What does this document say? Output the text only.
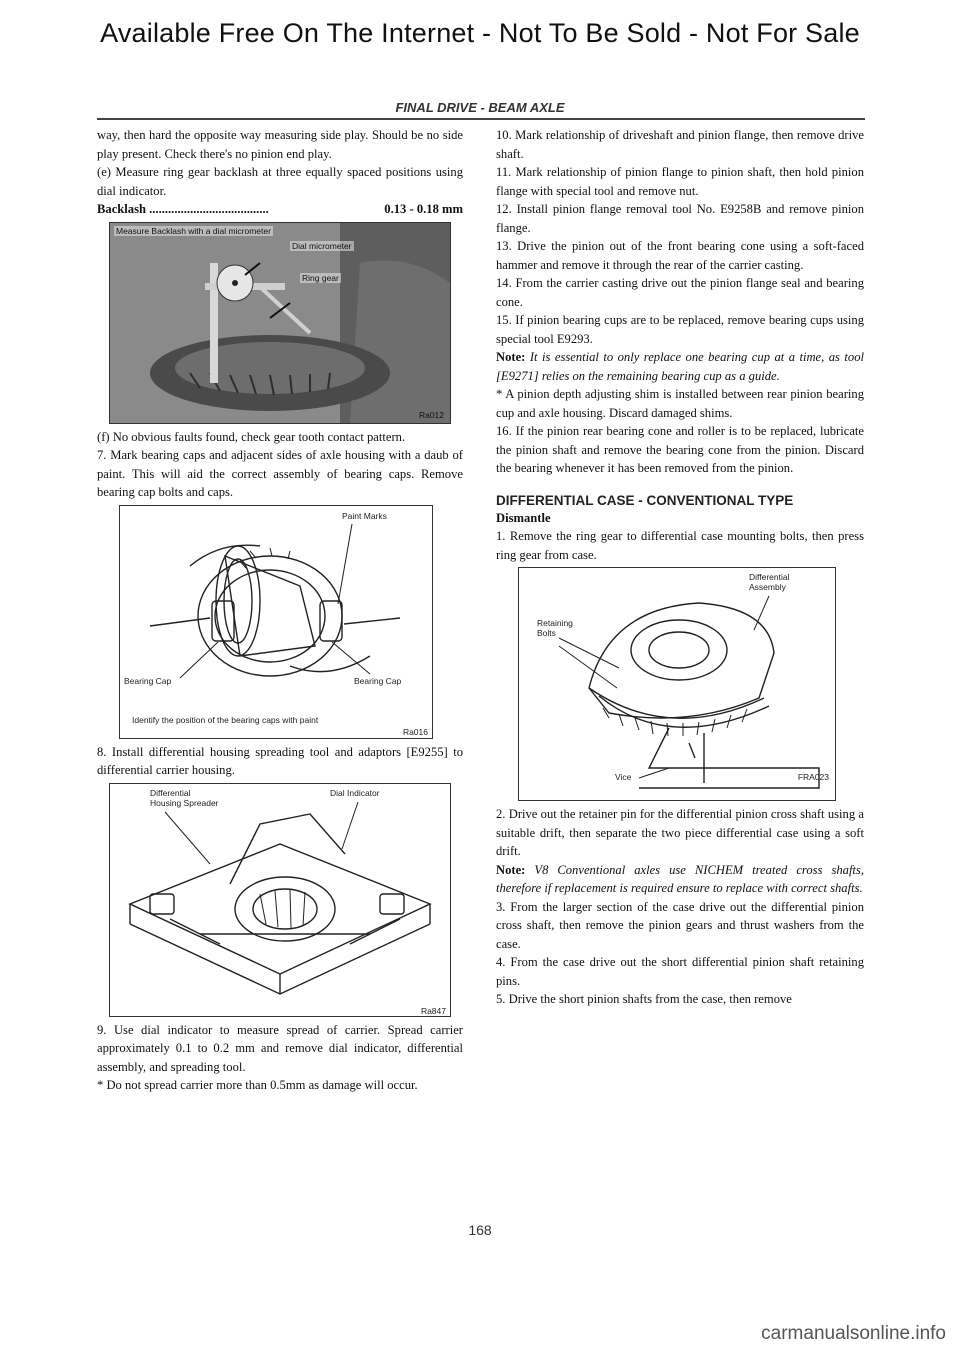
Available Free On The Internet - Not To Be Sold - Not For Sale
FINAL DRIVE - BEAM AXLE

way, then hard the opposite way measuring side play. Should be no side play present. Check there's no pinion end play.

(e) Measure ring gear backlash at three equally spaced positions using dial indicator.

Backlash ......................................	0.13 - 0.18 mm
Measure Backlash with a dial micrometer
Dial micrometer
Ring gear
Ra012

(f) No obvious faults found, check gear tooth contact pattern.

7. Mark bearing caps and adjacent sides of axle housing with a daub of paint. This will aid the correct assembly of bearing caps. Remove bearing cap bolts and caps.

Paint Marks
Bearing Cap	Bearing Cap
Identify the position of the bearing caps with paint
Ra016

8. Install differential housing spreading tool and adaptors [E9255] to differential carrier housing.

Differential
Housing Spreader
Dial Indicator
Ra847

9. Use dial indicator to measure spread of carrier. Spread carrier approximately 0.1 to 0.2 mm and remove dial indicator, differential assembly, and spreading tool.

* Do not spread carrier more than 0.5mm as damage will occur.

10. Mark relationship of driveshaft and pinion flange, then remove drive shaft.

11. Mark relationship of pinion flange to pinion shaft, then hold pinion flange with special tool and remove nut.

12. Install pinion flange removal tool No. E9258B and remove pinion flange.

13. Drive the pinion out of the front bearing cone using a soft-faced hammer and remove it through the rear of the carrier casting.

14. From the carrier casting drive out the pinion flange seal and bearing cone.

15. If pinion bearing cups are to be replaced, remove bearing cups using special tool E9293.

Note: It is essential to only replace one bearing cup at a time, as tool [E9271] relies on the remaining bearing cup as a guide.

* A pinion depth adjusting shim is installed between rear pinion bearing cup and axle housing. Discard damaged shims.

16. If the pinion rear bearing cone and roller is to be replaced, lubricate the pinion shaft and remove the bearing cone from the pinion. Discard the bearing whenever it has been removed from the pinion.

DIFFERENTIAL CASE - CONVENTIONAL TYPE
Dismantle

1. Remove the ring gear to differential case mounting bolts, then press ring gear from case.

Differential
Assembly
Retaining
Bolts
Vice	FRA023

2. Drive out the retainer pin for the differential pinion cross shaft using a suitable drift, then separate the two piece differential case using a soft drift.

Note: V8 Conventional axles use NICHEM treated cross shafts, therefore if replacement is required ensure to replace with correct shafts.

3. From the larger section of the case drive out the differential pinion cross shaft, then remove the pinion gears and thrust washers from the case.

4. From the case drive out the short differential pinion shaft retaining pins.

5. Drive the short pinion shafts from the case, then remove

168
carmanualsonline.info
